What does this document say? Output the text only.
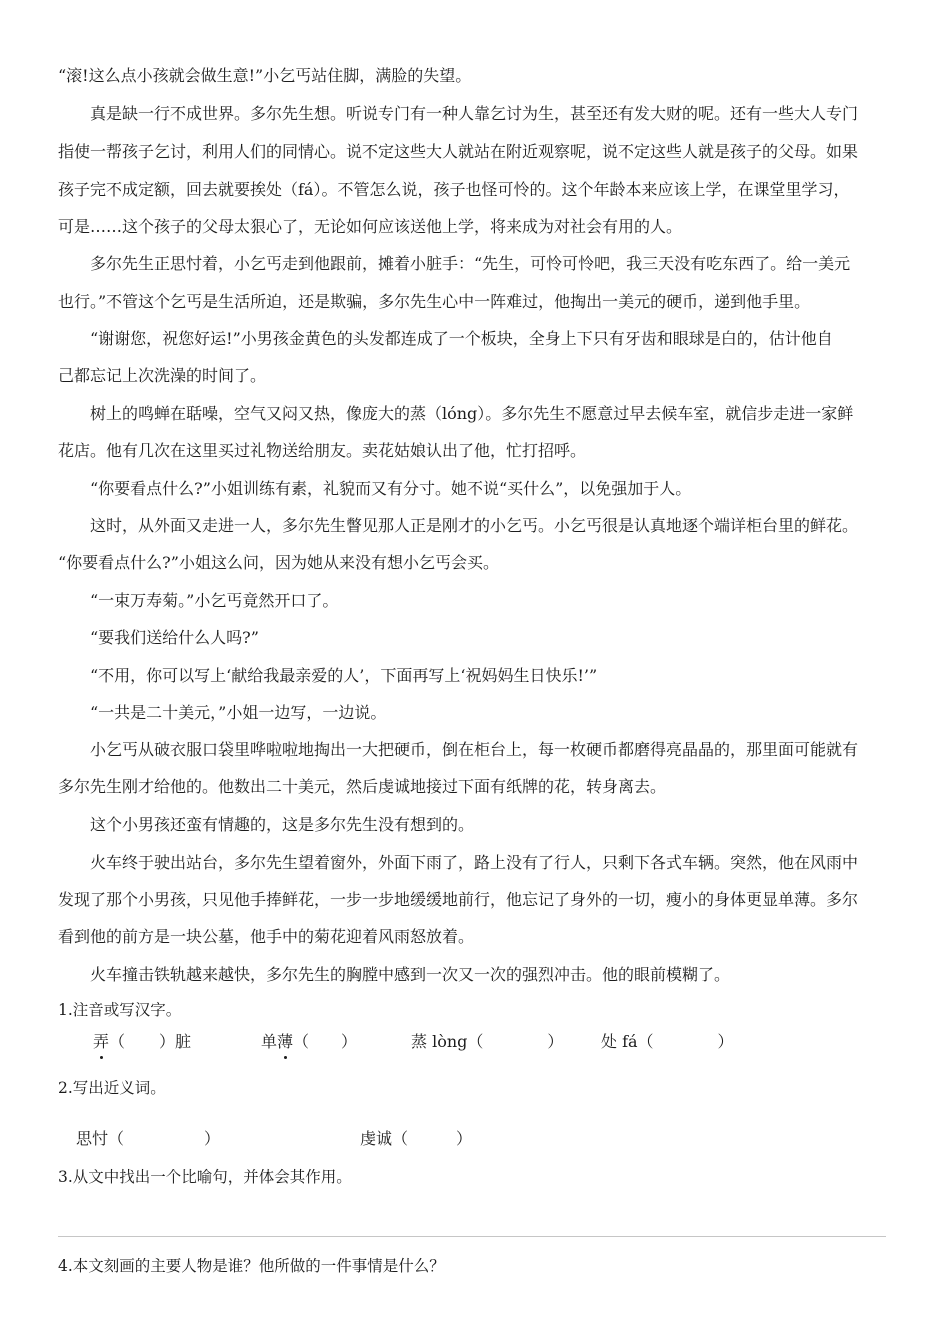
“滚!这么点小孩就会做生意!”小乞丐站住脚，满脸的失望。
真是缺一行不成世界。多尔先生想。听说专门有一种人靠乞讨为生，甚至还有发大财的呢。还有一些大人专门
指使一帮孩子乞讨，利用人们的同情心。说不定这些大人就站在附近观察呢，说不定这些人就是孩子的父母。如果
孩子完不成定额，回去就要挨处（fá）。不管怎么说，孩子也怪可怜的。这个年龄本来应该上学，在课堂里学习，
可是……这个孩子的父母太狠心了，无论如何应该送他上学，将来成为对社会有用的人。
多尔先生正思忖着，小乞丐走到他跟前，摊着小脏手：“先生，可怜可怜吧，我三天没有吃东西了。给一美元
也行。”不管这个乞丐是生活所迫，还是欺骗，多尔先生心中一阵难过，他掏出一美元的硬币，递到他手里。
“谢谢您，祝您好运!”小男孩金黄色的头发都连成了一个板块，全身上下只有牙齿和眼球是白的，估计他自
己都忘记上次洗澡的时间了。
树上的鸣蝉在聒噪，空气又闷又热，像庞大的蒸（lóng）。多尔先生不愿意过早去候车室，就信步走进一家鲜
花店。他有几次在这里买过礼物送给朋友。卖花姑娘认出了他，忙打招呼。
“你要看点什么?”小姐训练有素，礼貌而又有分寸。她不说“买什么”，以免强加于人。
这时，从外面又走进一人，多尔先生瞥见那人正是刚才的小乞丐。小乞丐很是认真地逐个端详柜台里的鲜花。
“你要看点什么?”小姐这么问，因为她从来没有想小乞丐会买。
“一束万寿菊。”小乞丐竟然开口了。
“要我们送给什么人吗?”
“不用，你可以写上‘献给我最亲爱的人’，下面再写上‘祝妈妈生日快乐!’”
“一共是二十美元，”小姐一边写，一边说。
小乞丐从破衣服口袋里哗啦啦地掏出一大把硬币，倒在柜台上，每一枚硬币都磨得亮晶晶的，那里面可能就有
多尔先生刚才给他的。他数出二十美元，然后虔诚地接过下面有纸牌的花，转身离去。
这个小男孩还蛮有情趣的，这是多尔先生没有想到的。
火车终于驶出站台，多尔先生望着窗外，外面下雨了，路上没有了行人，只剩下各式车辆。突然，他在风雨中
发现了那个小男孩，只见他手捧鲜花，一步一步地缓缓地前行，他忘记了身外的一切，瘦小的身体更显单薄。多尔
看到他的前方是一块公墓，他手中的菊花迎着风雨怒放着。
火车撞击铁轨越来越快，多尔先生的胸膛中感到一次又一次的强烈冲击。他的眼前模糊了。
1.注音或写汉字。
弄（ ）脏	单薄（　　）	蒸 lòng（　　　　） 处 fá（　　　　）
2.写出近义词。
思忖（　　　　　）	虔诚（　　　）
3.从文中找出一个比喻句，并体会其作用。
4.本文刻画的主要人物是谁？他所做的一件事情是什么？
